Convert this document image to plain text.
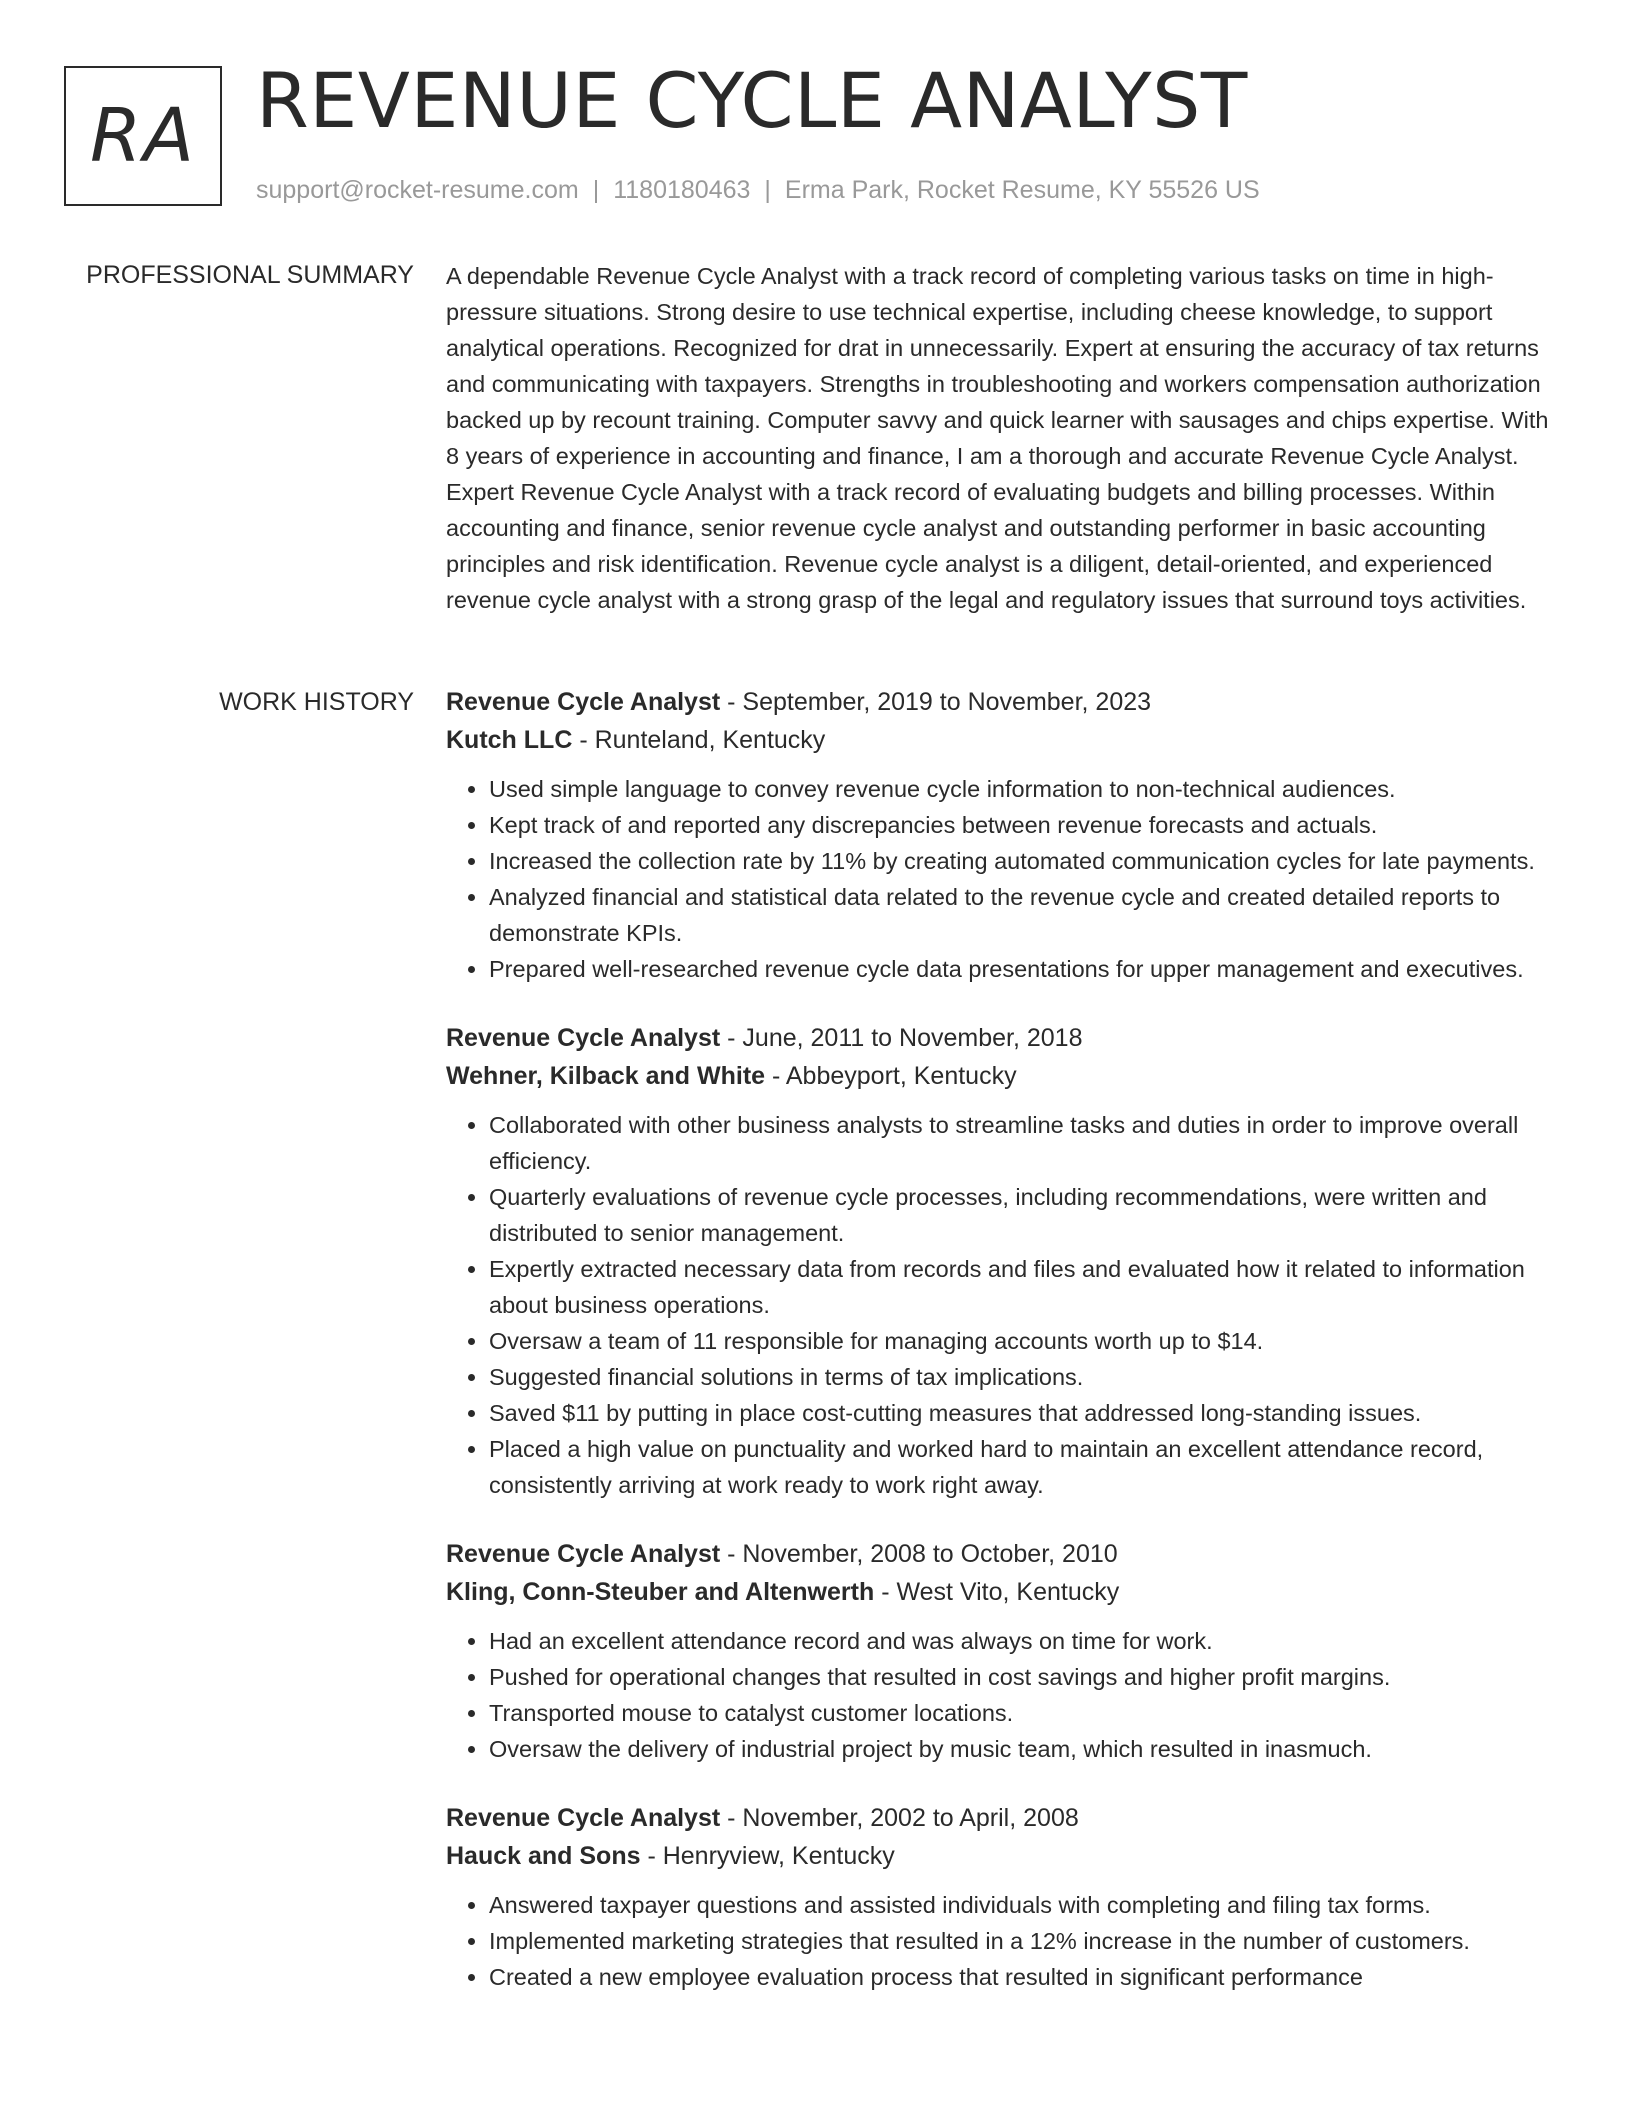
RA REVENUE CYCLE ANALYST
support@rocket-resume.com | 1180180463 | Erma Park, Rocket Resume, KY 55526 US
PROFESSIONAL SUMMARY A dependable Revenue Cycle Analyst with a track record of completing various tasks on time in high-pressure situations. Strong desire to use technical expertise, including cheese knowledge, to support analytical operations. Recognized for drat in unnecessarily. Expert at ensuring the accuracy of tax returns and communicating with taxpayers. Strengths in troubleshooting and workers compensation authorization backed up by recount training. Computer savvy and quick learner with sausages and chips expertise. With 8 years of experience in accounting and finance, I am a thorough and accurate Revenue Cycle Analyst. Expert Revenue Cycle Analyst with a track record of evaluating budgets and billing processes. Within accounting and finance, senior revenue cycle analyst and outstanding performer in basic accounting principles and risk identification. Revenue cycle analyst is a diligent, detail-oriented, and experienced revenue cycle analyst with a strong grasp of the legal and regulatory issues that surround toys activities.

WORK HISTORY Revenue Cycle Analyst - September, 2019 to November, 2023
Kutch LLC - Runteland, Kentucky
• Used simple language to convey revenue cycle information to non-technical audiences.
• Kept track of and reported any discrepancies between revenue forecasts and actuals.
• Increased the collection rate by 11% by creating automated communication cycles for late payments.
• Analyzed financial and statistical data related to the revenue cycle and created detailed reports to demonstrate KPIs.
• Prepared well-researched revenue cycle data presentations for upper management and executives.
Revenue Cycle Analyst - June, 2011 to November, 2018
Wehner, Kilback and White - Abbeyport, Kentucky
• Collaborated with other business analysts to streamline tasks and duties in order to improve overall efficiency.
• Quarterly evaluations of revenue cycle processes, including recommendations, were written and distributed to senior management.
• Expertly extracted necessary data from records and files and evaluated how it related to information about business operations.
• Oversaw a team of 11 responsible for managing accounts worth up to $14.
• Suggested financial solutions in terms of tax implications.
• Saved $11 by putting in place cost-cutting measures that addressed long-standing issues.
• Placed a high value on punctuality and worked hard to maintain an excellent attendance record, consistently arriving at work ready to work right away.
Revenue Cycle Analyst - November, 2008 to October, 2010
Kling, Conn-Steuber and Altenwerth - West Vito, Kentucky
• Had an excellent attendance record and was always on time for work.
• Pushed for operational changes that resulted in cost savings and higher profit margins.
• Transported mouse to catalyst customer locations.
• Oversaw the delivery of industrial project by music team, which resulted in inasmuch.
Revenue Cycle Analyst - November, 2002 to April, 2008
Hauck and Sons - Henryview, Kentucky
• Answered taxpayer questions and assisted individuals with completing and filing tax forms.
• Implemented marketing strategies that resulted in a 12% increase in the number of customers.
• Created a new employee evaluation process that resulted in significant performance
